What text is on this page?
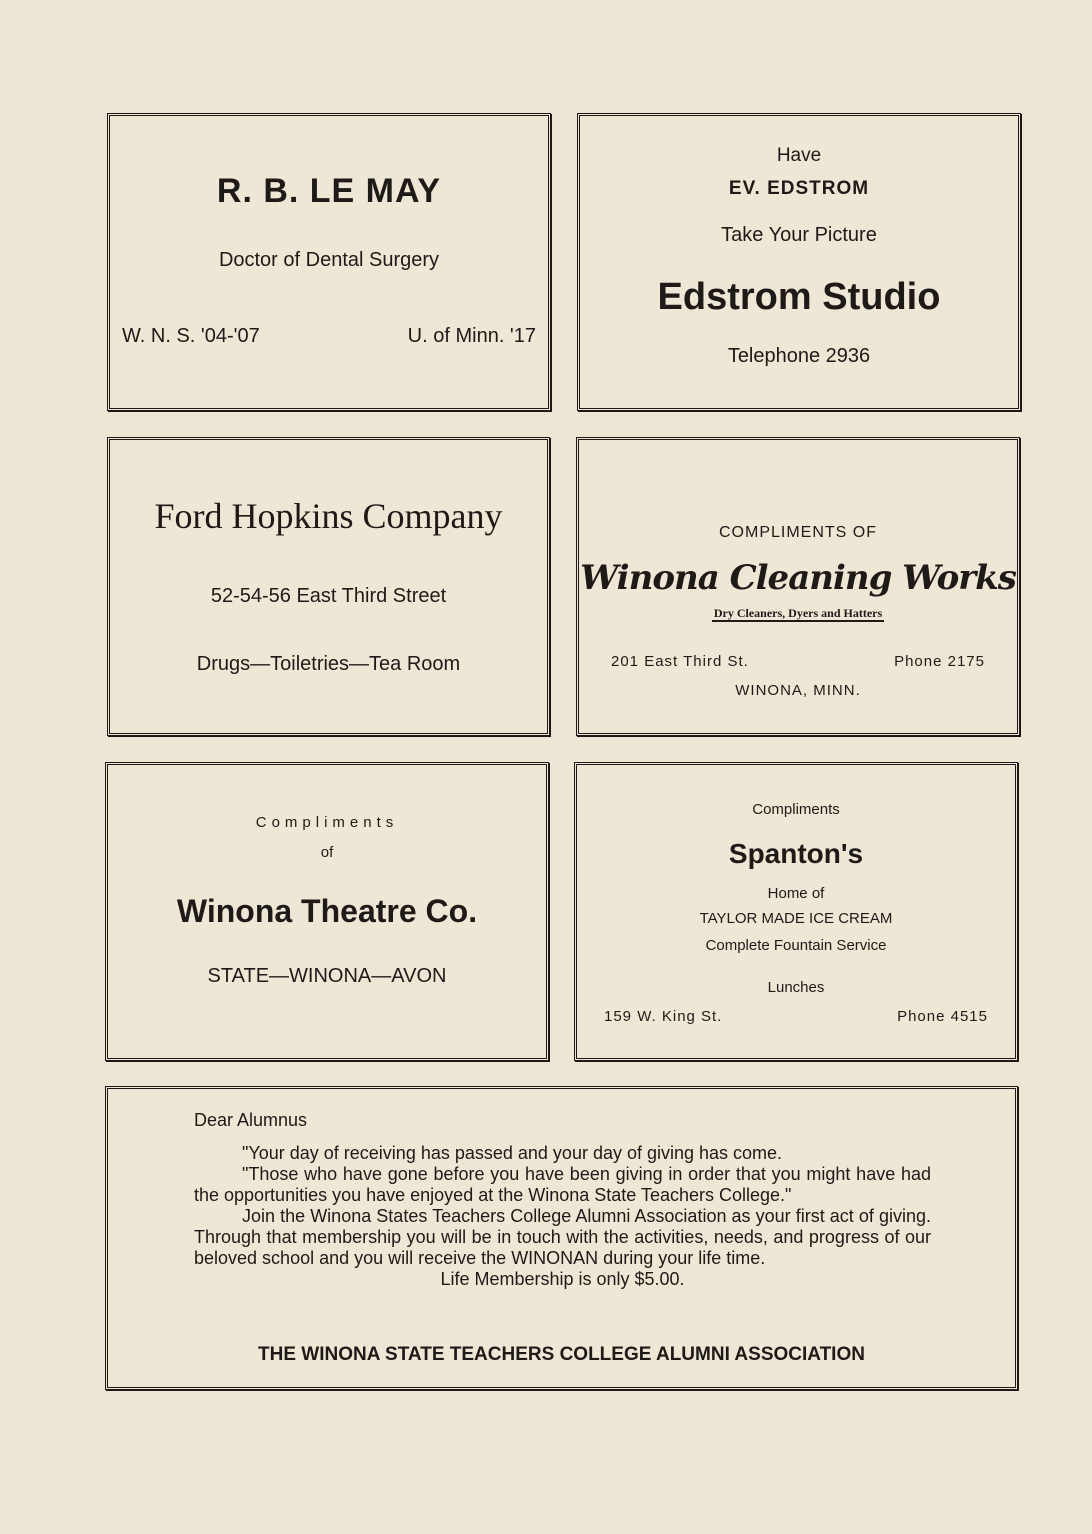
R. B. LE MAY
Doctor of Dental Surgery
W. N. S. '04-'07	U. of Minn. '17
Have
EV. EDSTROM
Take Your Picture
Edstrom Studio
Telephone 2936
Ford Hopkins Company
52-54-56 East Third Street
Drugs—Toiletries—Tea Room
COMPLIMENTS OF
Winona Cleaning Works
Dry Cleaners, Dyers and Hatters
201 East Third St.	Phone 2175
WINONA, MINN.
Compliments
of
Winona Theatre Co.
STATE—WINONA—AVON
Compliments
Spanton's
Home of
TAYLOR MADE ICE CREAM
Complete Fountain Service
Lunches
159 W. King St.	Phone 4515

Dear Alumnus

"Your day of receiving has passed and your day of giving has come.

"Those who have gone before you have been giving in order that you might have had the opportunities you have enjoyed at the Winona State Teachers College."

Join the Winona States Teachers College Alumni Association as your first act of giving. Through that membership you will be in touch with the activities, needs, and progress of our beloved school and you will receive the WINONAN during your life time.

Life Membership is only $5.00.

THE WINONA STATE TEACHERS COLLEGE ALUMNI ASSOCIATION
